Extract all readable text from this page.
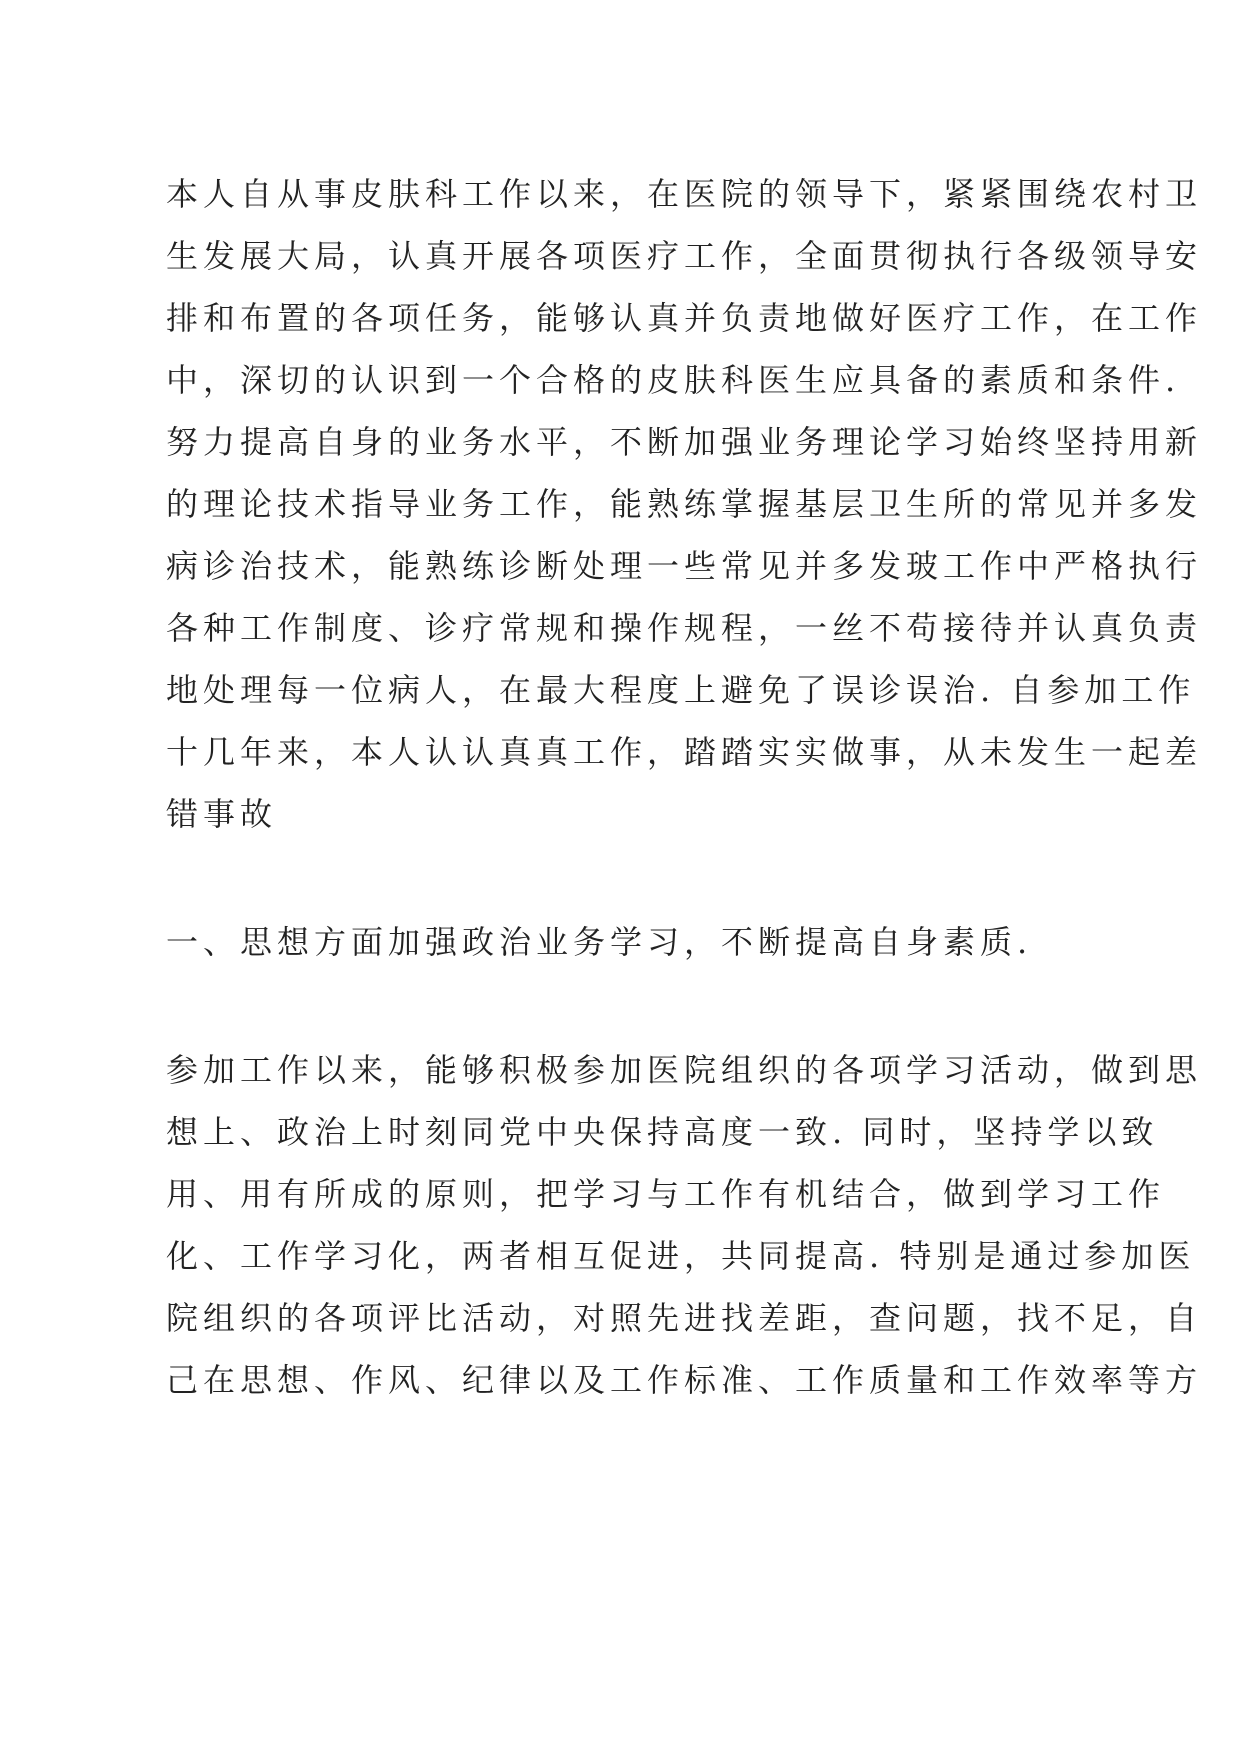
本人自从事皮肤科工作以来，在医院的领导下，紧紧围绕农村卫

生发展大局，认真开展各项医疗工作，全面贯彻执行各级领导安

排和布置的各项任务，能够认真并负责地做好医疗工作，在工作

中，深切的认识到一个合格的皮肤科医生应具备的素质和条件.

努力提高自身的业务水平，不断加强业务理论学习始终坚持用新

的理论技术指导业务工作，能熟练掌握基层卫生所的常见并多发

病诊治技术，能熟练诊断处理一些常见并多发玻工作中严格执行

各种工作制度、诊疗常规和操作规程，一丝不苟接待并认真负责

地处理每一位病人，在最大程度上避免了误诊误治. 自参加工作

十几年来，本人认认真真工作，踏踏实实做事，从未发生一起差

错事故

一、思想方面加强政治业务学习，不断提高自身素质.

参加工作以来，能够积极参加医院组织的各项学习活动，做到思

想上、政治上时刻同党中央保持高度一致. 同时，坚持学以致

用、用有所成的原则，把学习与工作有机结合，做到学习工作

化、工作学习化，两者相互促进，共同提高. 特别是通过参加医

院组织的各项评比活动，对照先进找差距，查问题，找不足，自

己在思想、作风、纪律以及工作标准、工作质量和工作效率等方
